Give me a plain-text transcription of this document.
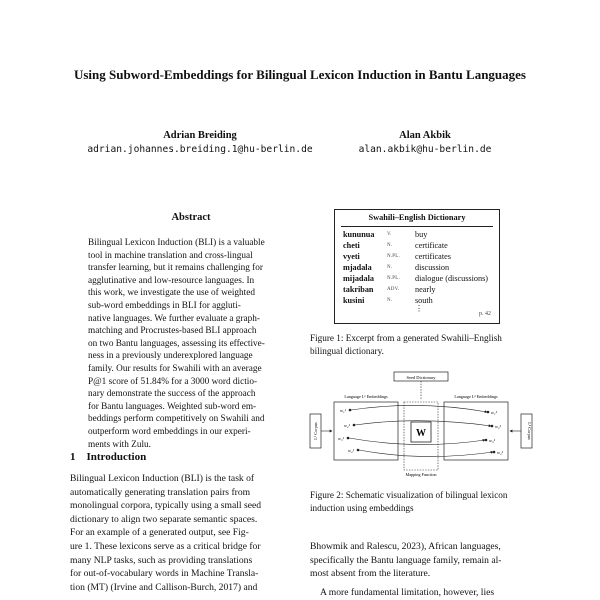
Using Subword-Embeddings for Bilingual Lexicon Induction in Bantu Languages
Adrian Breiding
adrian.johannes.breiding.1@hu-berlin.de
Alan Akbik
alan.akbik@hu-berlin.de
Abstract
Bilingual Lexicon Induction (BLI) is a valuable
tool in machine translation and cross-lingual
transfer learning, but it remains challenging for
agglutinative and low-resource languages. In
this work, we investigate the use of weighted
sub-word embeddings in BLI for aggluti-
native languages. We further evaluate a graph-
matching and Procrustes-based BLI approach
on two Bantu languages, assessing its effective-
ness in a previously underexplored language
family. Our results for Swahili with an average
P@1 score of 51.84% for a 3000 word dictio-
nary demonstrate the success of the approach
for Bantu languages. Weighted sub-word em-
beddings perform competitively on Swahili and
outperform word embeddings in our experi-
ments with Zulu.
1 Introduction
Bilingual Lexicon Induction (BLI) is the task of
automatically generating translation pairs from
monolingual corpora, typically using a small seed
dictionary to align two separate semantic spaces.
For an example of a generated output, see Fig-
ure 1. These lexicons serve as a critical bridge for
many NLP tasks, such as providing translations
for out-of-vocabulary words in Machine Transla-
tion (MT) (Irvine and Callison-Burch, 2017) and
Swahili–English Dictionary
kununua	V.	buy
cheti	N.	certificate
vyeti	N.PL. certificates
mjadala	N.	discussion
mijadala	N.PL. dialogue (discussions)
takriban	ADV. nearly
kusini	N.	south
⋮
p. 42
Figure 1: Excerpt from a generated Swahili–English
bilingual dictionary.
Seed Dictionary
Language L¹ Embeddings	Language L² Embeddings
L¹ Corpus	L² Corpus
W
Mapping Function
w₁¹
w₂¹
w₃¹
w₄¹
w₁²
w₂²
w₃²
w₄²
Figure 2: Schematic visualization of bilingual lexicon
induction using embeddings
Bhowmik and Ralescu, 2023), African languages,
specifically the Bantu language family, remain al-
most absent from the literature.
A more fundamental limitation, however, lies
